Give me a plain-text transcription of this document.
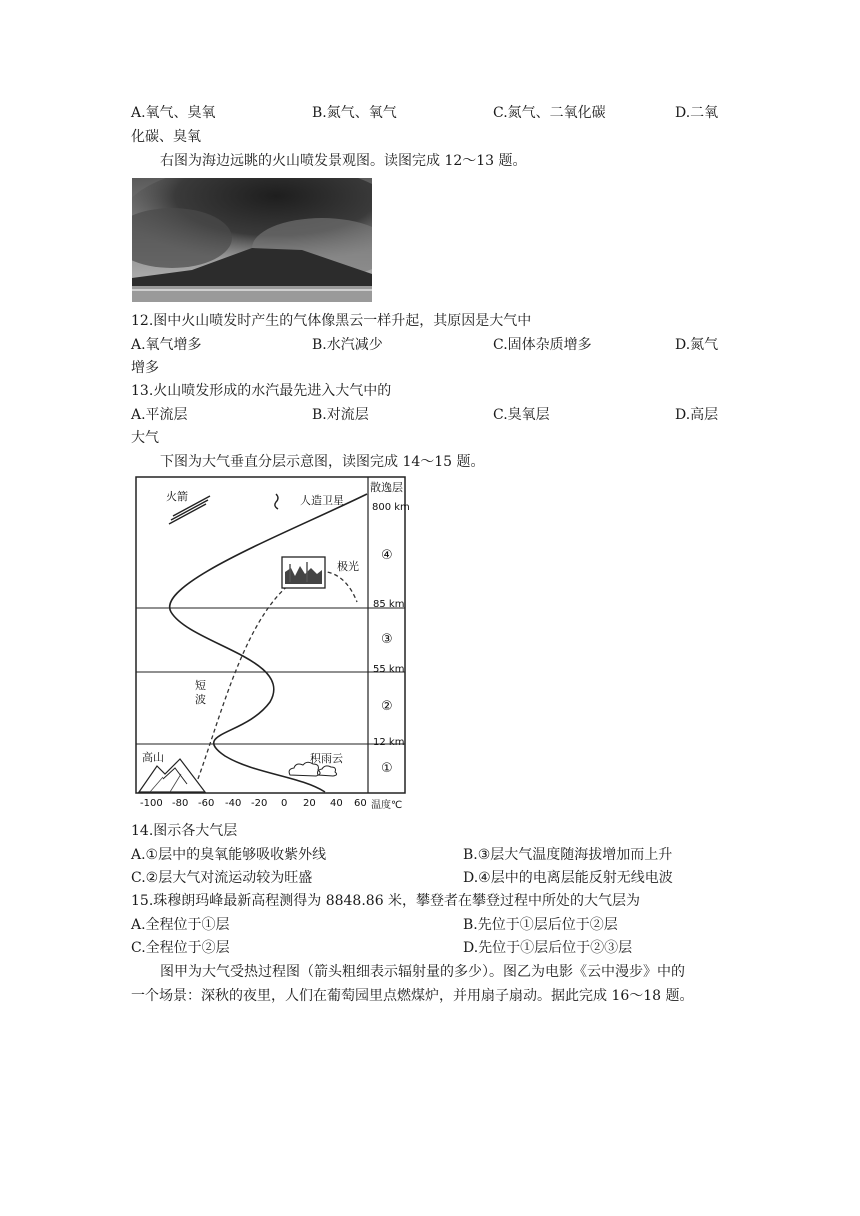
A.氧气、臭氧	B.氮气、氧气	C.氮气、二氧化碳	D.二氧
化碳、臭氧
右图为海边远眺的火山喷发景观图。读图完成 12～13 题。
12.图中火山喷发时产生的气体像黑云一样升起，其原因是大气中
A.氧气增多	B.水汽减少	C.固体杂质增多	D.氮气
增多
13.火山喷发形成的水汽最先进入大气中的
A.平流层	B.对流层	C.臭氧层	D.高层
大气
下图为大气垂直分层示意图，读图完成 14～15 题。
火箭	人造卫星
极光
短
波
高山	积雨云
散逸层
800 km
④
85 km
③
55 km
②
12 km
①
-100 -80 -60 -40 -20 0 20 40 60 温度℃
14.图示各大气层
A.①层中的臭氧能够吸收紫外线	B.③层大气温度随海拔增加而上升
C.②层大气对流运动较为旺盛	D.④层中的电离层能反射无线电波
15.珠穆朗玛峰最新高程测得为 8848.86 米，攀登者在攀登过程中所处的大气层为
A.全程位于①层	B.先位于①层后位于②层
C.全程位于②层	D.先位于①层后位于②③层
图甲为大气受热过程图（箭头粗细表示辐射量的多少）。图乙为电影《云中漫步》中的
一个场景：深秋的夜里，人们在葡萄园里点燃煤炉，并用扇子扇动。据此完成 16～18 题。
